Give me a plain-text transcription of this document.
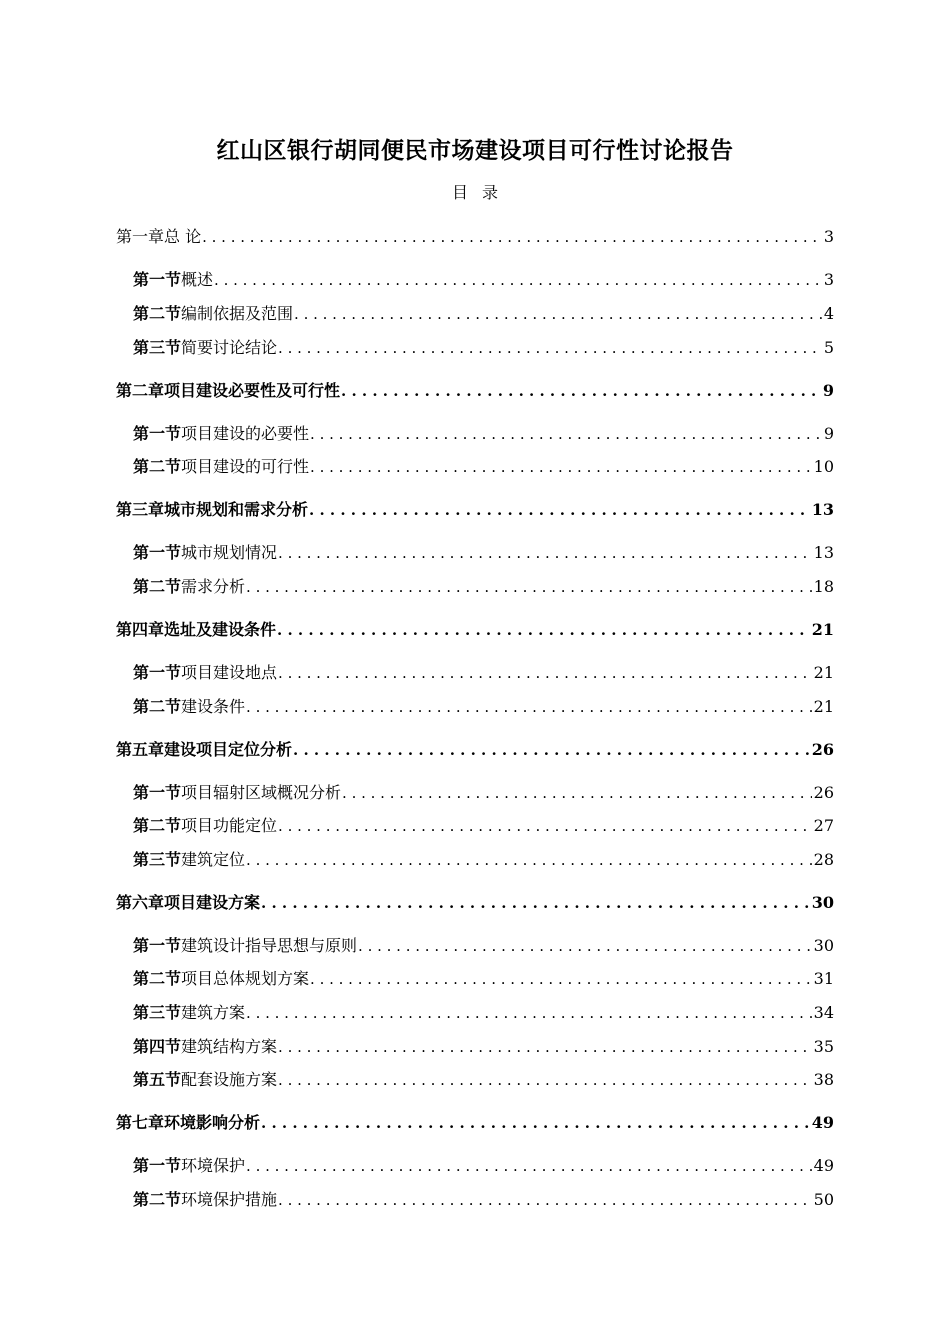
红山区银行胡同便民市场建设项目可行性讨论报告
目录
第一章 总 论 . . .	3
第一节 概述 . . .	3
第二节 编制依据及范围 . . .	4
第三节 简要讨论结论 . . .	5
第二章 项目建设必要性及可行性 . . .	9
第一节 项目建设的必要性 . . .	9
第二节 项目建设的可行性 . . .	10
第三章 城市规划和需求分析 . . .	13
第一节 城市规划情况 . . .	13
第二节 需求分析 . . .	18
第四章 选址及建设条件 . . .	21
第一节 项目建设地点 . . .	21
第二节 建设条件 . . .	21
第五章 建设项目定位分析 . . .	26
第一节 项目辐射区域概况分析 . . .	26
第二节 项目功能定位 . . .	27
第三节 建筑定位 . . .	28
第六章 项目建设方案 . . .	30
第一节 建筑设计指导思想与原则 . . .	30
第二节 项目总体规划方案 . . .	31
第三节 建筑方案 . . .	34
第四节 建筑结构方案 . . .	35
第五节 配套设施方案 . . .	38
第七章 环境影响分析 . . .	49
第一节 环境保护 . . .	49
第二节 环境保护措施 . . .	50
